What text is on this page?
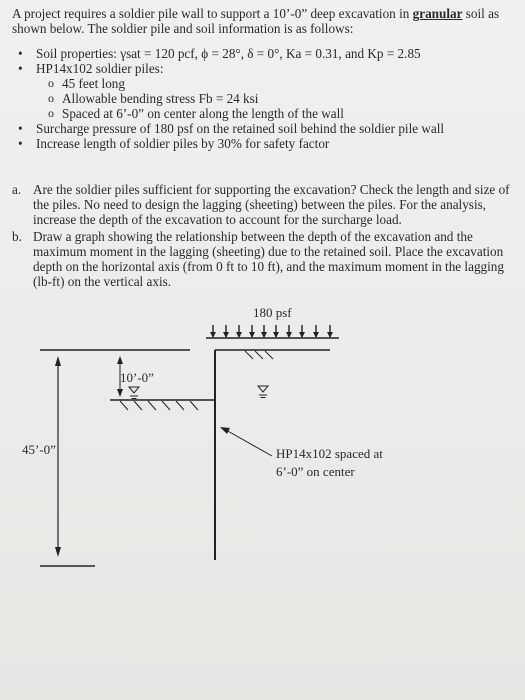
A project requires a soldier pile wall to support a 10’-0” deep excavation in granular soil as shown below. The soldier pile and soil information is as follows:
• Soil properties: γsat = 120 pcf, ϕ = 28°, δ = 0°, Ka = 0.31, and Kp = 2.85
• HP14x102 soldier piles:
o 45 feet long
o Allowable bending stress Fb = 24 ksi
o Spaced at 6’-0” on center along the length of the wall
• Surcharge pressure of 180 psf on the retained soil behind the soldier pile wall
• Increase length of soldier piles by 30% for safety factor
a. Are the soldier piles sufficient for supporting the excavation? Check the length and size of the piles. No need to design the lagging (sheeting) between the piles. For the analysis, increase the depth of the excavation to account for the surcharge load.
b. Draw a graph showing the relationship between the depth of the excavation and the maximum moment in the lagging (sheeting) due to the retained soil. Place the excavation depth on the horizontal axis (from 0 ft to 10 ft), and the maximum moment in the lagging (lb-ft) on the vertical axis.
180 psf
10’-0”
45’-0”	HP14x102 spaced at
6’-0” on center
